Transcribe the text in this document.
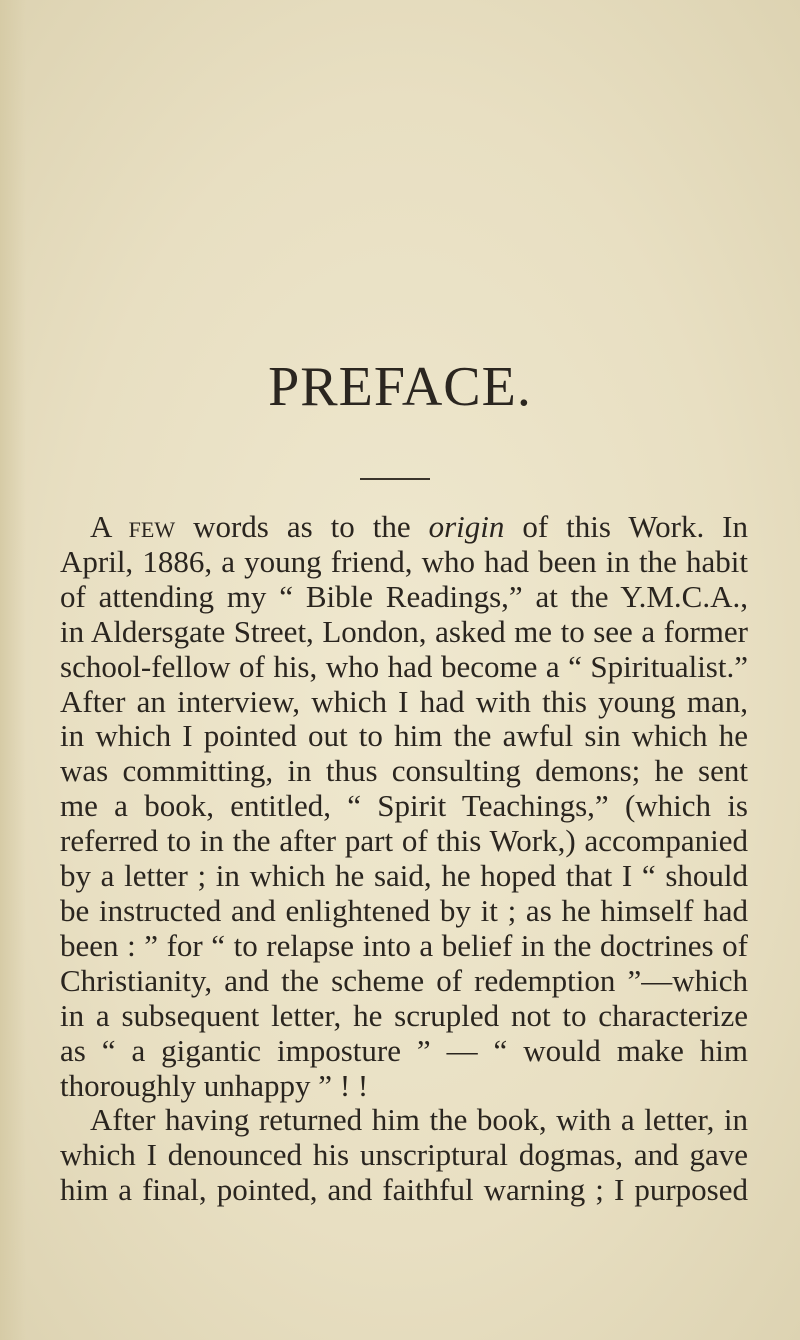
PREFACE.
A few words as to the origin of this Work. In
April, 1886, a young friend, who had been in the habit
of attending my “ Bible Readings,” at the Y.M.C.A.,
in Aldersgate Street, London, asked me to see a former
school-fellow of his, who had become a “ Spiritualist.”
After an interview, which I had with this young man,
in which I pointed out to him the awful sin which he
was committing, in thus consulting demons; he sent
me a book, entitled, “ Spirit Teachings,” (which is
referred to in the after part of this Work,) accompanied
by a letter ; in which he said, he hoped that I “ should
be instructed and enlightened by it ; as he himself had
been : ” for “ to relapse into a belief in the doctrines of
Christianity, and the scheme of redemption ”—which
in a subsequent letter, he scrupled not to characterize
as “ a gigantic imposture ” — “ would make him
thoroughly unhappy ” ! !
After having returned him the book, with a letter, in
which I denounced his unscriptural dogmas, and gave
him a final, pointed, and faithful warning ; I purposed
